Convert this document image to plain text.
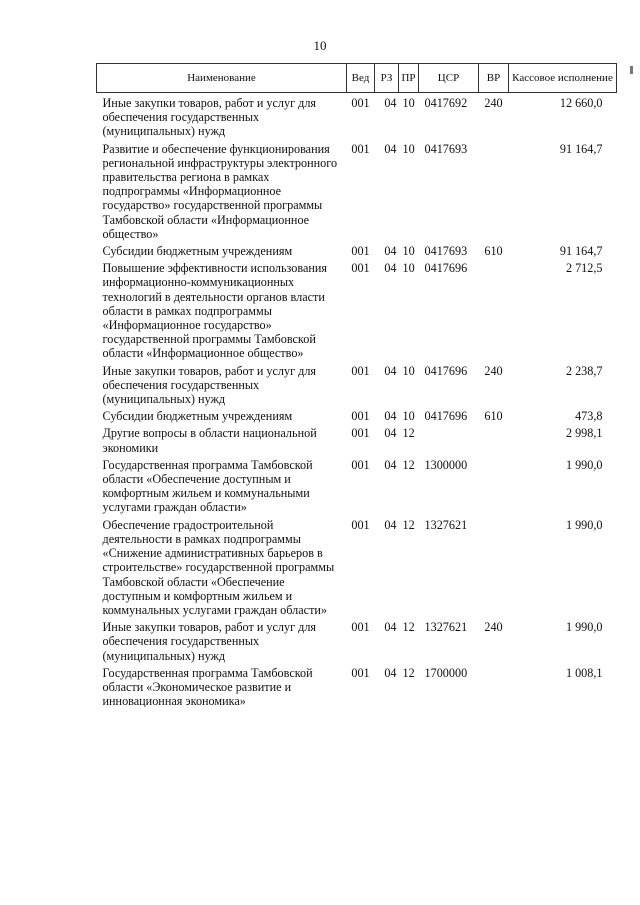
10
Наименование	Вед	РЗ	ПР	ЦСР	ВР	Кассовое исполнение
Иные закупки товаров, работ и услуг для обеспечения государственных (муниципальных) нужд	001	04	10	0417692	240	12 660,0
Развитие и обеспечение функционирования региональной инфраструктуры электронного правительства региона в рамках подпрограммы «Информационное государство» государственной программы Тамбовской области «Информационное общество»	001	04	10	0417693		91 164,7
Субсидии бюджетным учреждениям	001	04	10	0417693	610	91 164,7
Повышение эффективности использования информационно-коммуникационных технологий в деятельности органов власти области в рамках подпрограммы «Информационное государство» государственной программы Тамбовской области «Информационное общество»	001	04	10	0417696		2 712,5
Иные закупки товаров, работ и услуг для обеспечения государственных (муниципальных) нужд	001	04	10	0417696	240	2 238,7
Субсидии бюджетным учреждениям	001	04	10	0417696	610	473,8
Другие вопросы в области национальной экономики	001	04	12			2 998,1
Государственная программа Тамбовской области «Обеспечение доступным и комфортным жильем и коммунальными услугами граждан области»	001	04	12	1300000		1 990,0
Обеспечение градостроительной деятельности в рамках подпрограммы «Снижение административных барьеров в строительстве» государственной программы Тамбовской области «Обеспечение доступным и комфортным жильем и коммунальных услугами граждан области»	001	04	12	1327621		1 990,0
Иные закупки товаров, работ и услуг для обеспечения государственных (муниципальных) нужд	001	04	12	1327621	240	1 990,0
Государственная программа Тамбовской области «Экономическое развитие и инновационная экономика»	001	04	12	1700000		1 008,1
